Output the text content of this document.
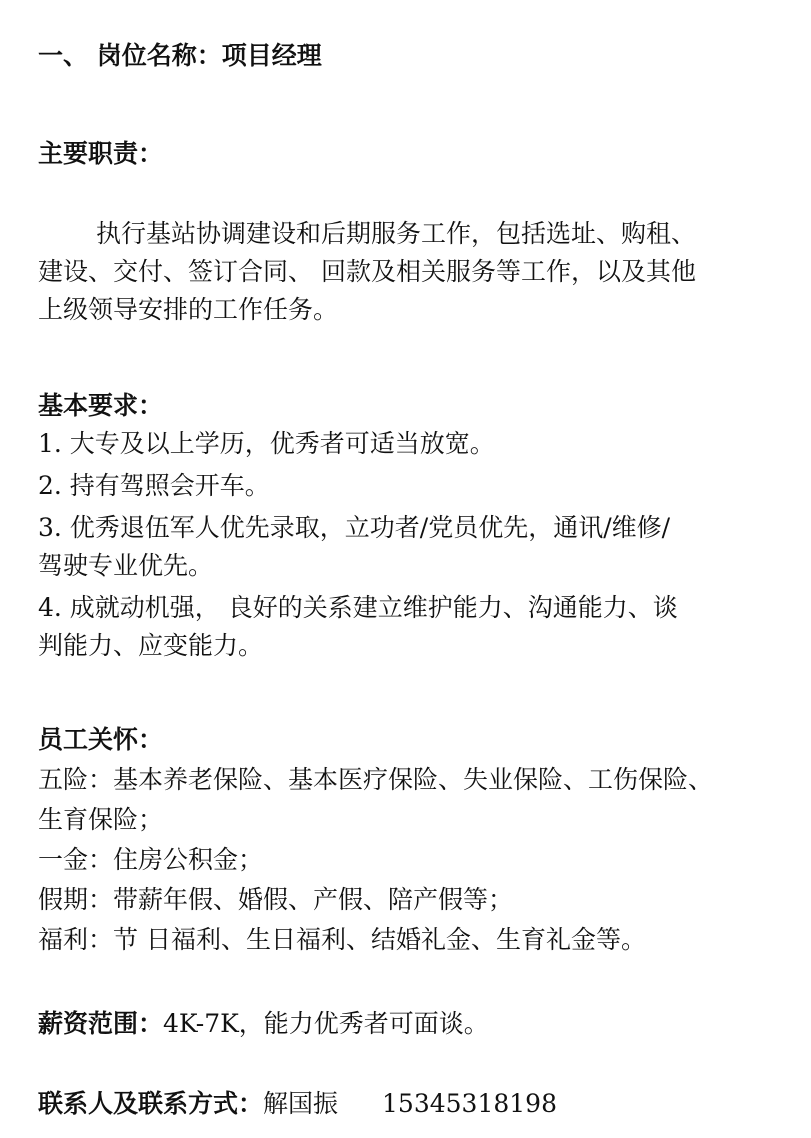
一、 岗位名称：项目经理
主要职责：
执行基站协调建设和后期服务工作，包括选址、购租、
建设、交付、签订合同、 回款及相关服务等工作，以及其他
上级领导安排的工作任务。
基本要求：
1. 大专及以上学历，优秀者可适当放宽。
2. 持有驾照会开车。
3. 优秀退伍军人优先录取，立功者/党员优先，通讯/维修/
驾驶专业优先。
4. 成就动机强， 良好的关系建立维护能力、沟通能力、谈
判能力、应变能力。
员工关怀：
五险：基本养老保险、基本医疗保险、失业保险、工伤保险、
生育保险；
一金：住房公积金；
假期：带薪年假、婚假、产假、陪产假等；
福利：节 日福利、生日福利、结婚礼金、生育礼金等。
薪资范围：4K-7K，能力优秀者可面谈。
联系人及联系方式：解国振 15345318198
